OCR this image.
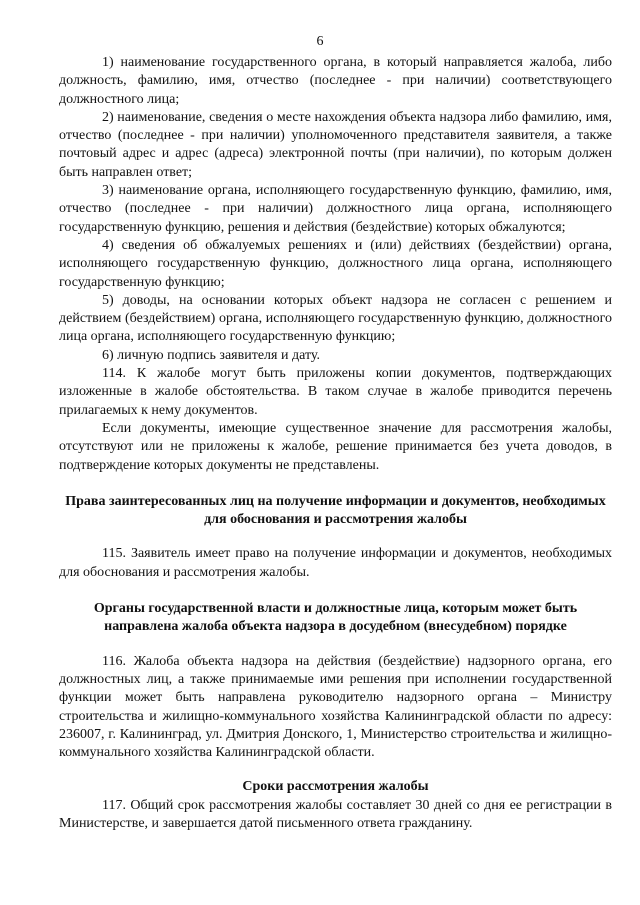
6

1) наименование государственного органа, в который направляется жалоба, либо должность, фамилию, имя, отчество (последнее - при наличии) соответствующего должностного лица;

2) наименование, сведения о месте нахождения объекта надзора либо фамилию, имя, отчество (последнее - при наличии) уполномоченного представителя заявителя, а также почтовый адрес и адрес (адреса) электронной почты (при наличии), по которым должен быть направлен ответ;

3) наименование органа, исполняющего государственную функцию, фамилию, имя, отчество (последнее - при наличии) должностного лица органа, исполняющего государственную функцию, решения и действия (бездействие) которых обжалуются;

4) сведения об обжалуемых решениях и (или) действиях (бездействии) органа, исполняющего государственную функцию, должностного лица органа, исполняющего государственную функцию;

5) доводы, на основании которых объект надзора не согласен с решением и действием (бездействием) органа, исполняющего государственную функцию, должностного лица органа, исполняющего государственную функцию;

6) личную подпись заявителя и дату.

114. К жалобе могут быть приложены копии документов, подтверждающих изложенные в жалобе обстоятельства. В таком случае в жалобе приводится перечень прилагаемых к нему документов.

Если документы, имеющие существенное значение для рассмотрения жалобы, отсутствуют или не приложены к жалобе, решение принимается без учета доводов, в подтверждение которых документы не представлены.

Права заинтересованных лиц на получение информации и документов, необходимых для обоснования и рассмотрения жалобы

115. Заявитель имеет право на получение информации и документов, необходимых для обоснования и рассмотрения жалобы.

Органы государственной власти и должностные лица, которым может быть направлена жалоба объекта надзора в досудебном (внесудебном) порядке

116. Жалоба объекта надзора на действия (бездействие) надзорного органа, его должностных лиц, а также принимаемые ими решения при исполнении государственной функции может быть направлена руководителю надзорного органа – Министру строительства и жилищно-коммунального хозяйства Калининградской области по адресу: 236007, г. Калининград, ул. Дмитрия Донского, 1, Министерство строительства и жилищно-коммунального хозяйства Калининградской области.

Сроки рассмотрения жалобы

117. Общий срок рассмотрения жалобы составляет 30 дней со дня ее регистрации в Министерстве, и завершается датой письменного ответа гражданину.
